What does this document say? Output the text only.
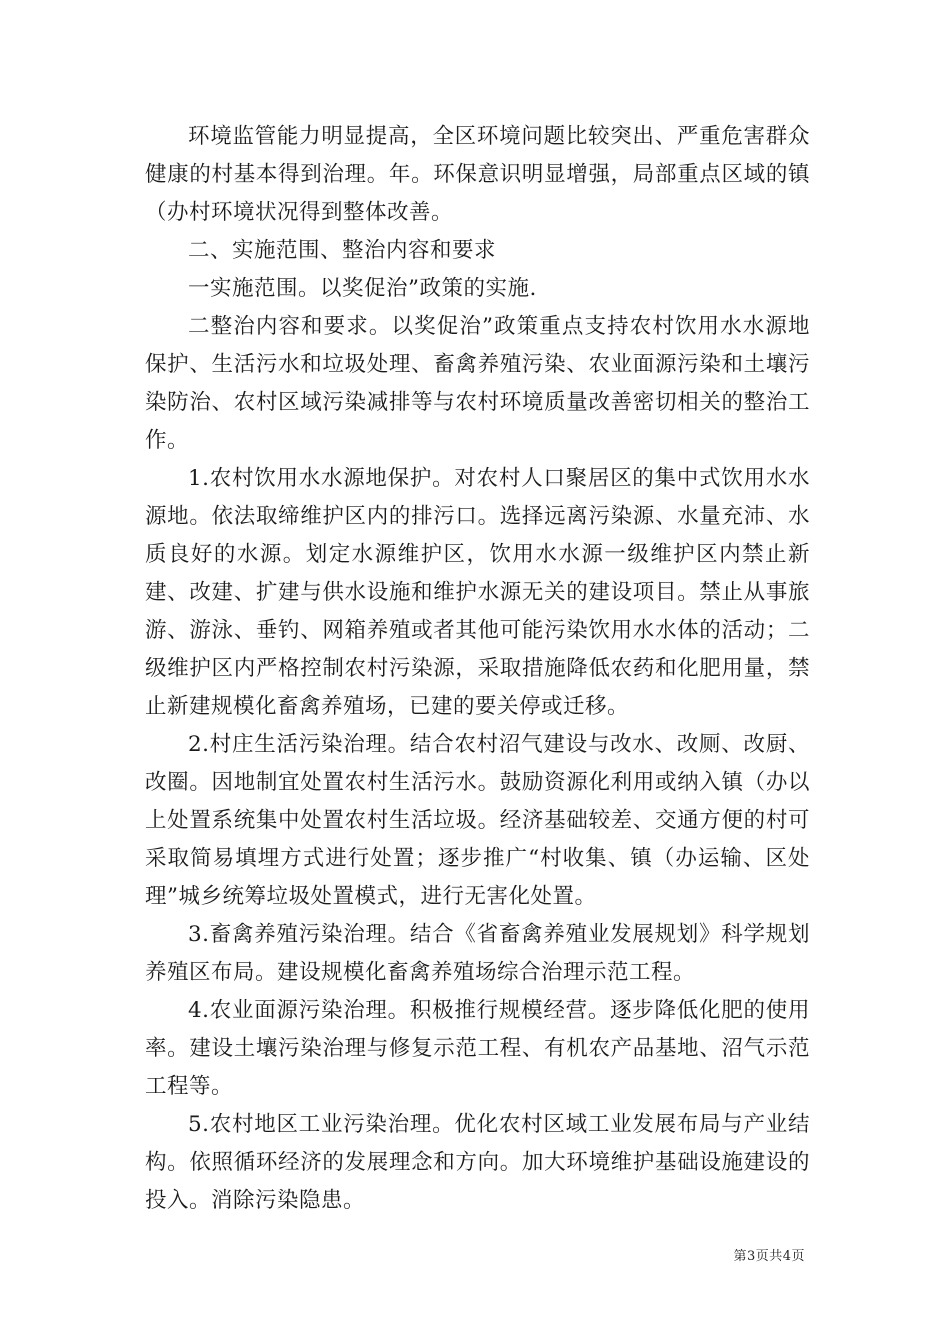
环境监管能力明显提高，全区环境问题比较突出、严重危害群众健康的村基本得到治理。年。环保意识明显增强，局部重点区域的镇（办村环境状况得到整体改善。

二、实施范围、整治内容和要求

一实施范围。以奖促治”政策的实施.

二整治内容和要求。以奖促治”政策重点支持农村饮用水水源地保护、生活污水和垃圾处理、畜禽养殖污染、农业面源污染和土壤污染防治、农村区域污染减排等与农村环境质量改善密切相关的整治工作。

1.农村饮用水水源地保护。对农村人口聚居区的集中式饮用水水源地。依法取缔维护区内的排污口。选择远离污染源、水量充沛、水质良好的水源。划定水源维护区，饮用水水源一级维护区内禁止新建、改建、扩建与供水设施和维护水源无关的建设项目。禁止从事旅游、游泳、垂钓、网箱养殖或者其他可能污染饮用水水体的活动；二级维护区内严格控制农村污染源，采取措施降低农药和化肥用量，禁止新建规模化畜禽养殖场，已建的要关停或迁移。

2.村庄生活污染治理。结合农村沼气建设与改水、改厕、改厨、改圈。因地制宜处置农村生活污水。鼓励资源化利用或纳入镇（办以上处置系统集中处置农村生活垃圾。经济基础较差、交通方便的村可采取简易填埋方式进行处置；逐步推广“村收集、镇（办运输、区处理”城乡统筹垃圾处置模式，进行无害化处置。

3.畜禽养殖污染治理。结合《省畜禽养殖业发展规划》科学规划养殖区布局。建设规模化畜禽养殖场综合治理示范工程。

4.农业面源污染治理。积极推行规模经营。逐步降低化肥的使用率。建设土壤污染治理与修复示范工程、有机农产品基地、沼气示范工程等。

5.农村地区工业污染治理。优化农村区域工业发展布局与产业结构。依照循环经济的发展理念和方向。加大环境维护基础设施建设的投入。消除污染隐患。

第3页共4页
